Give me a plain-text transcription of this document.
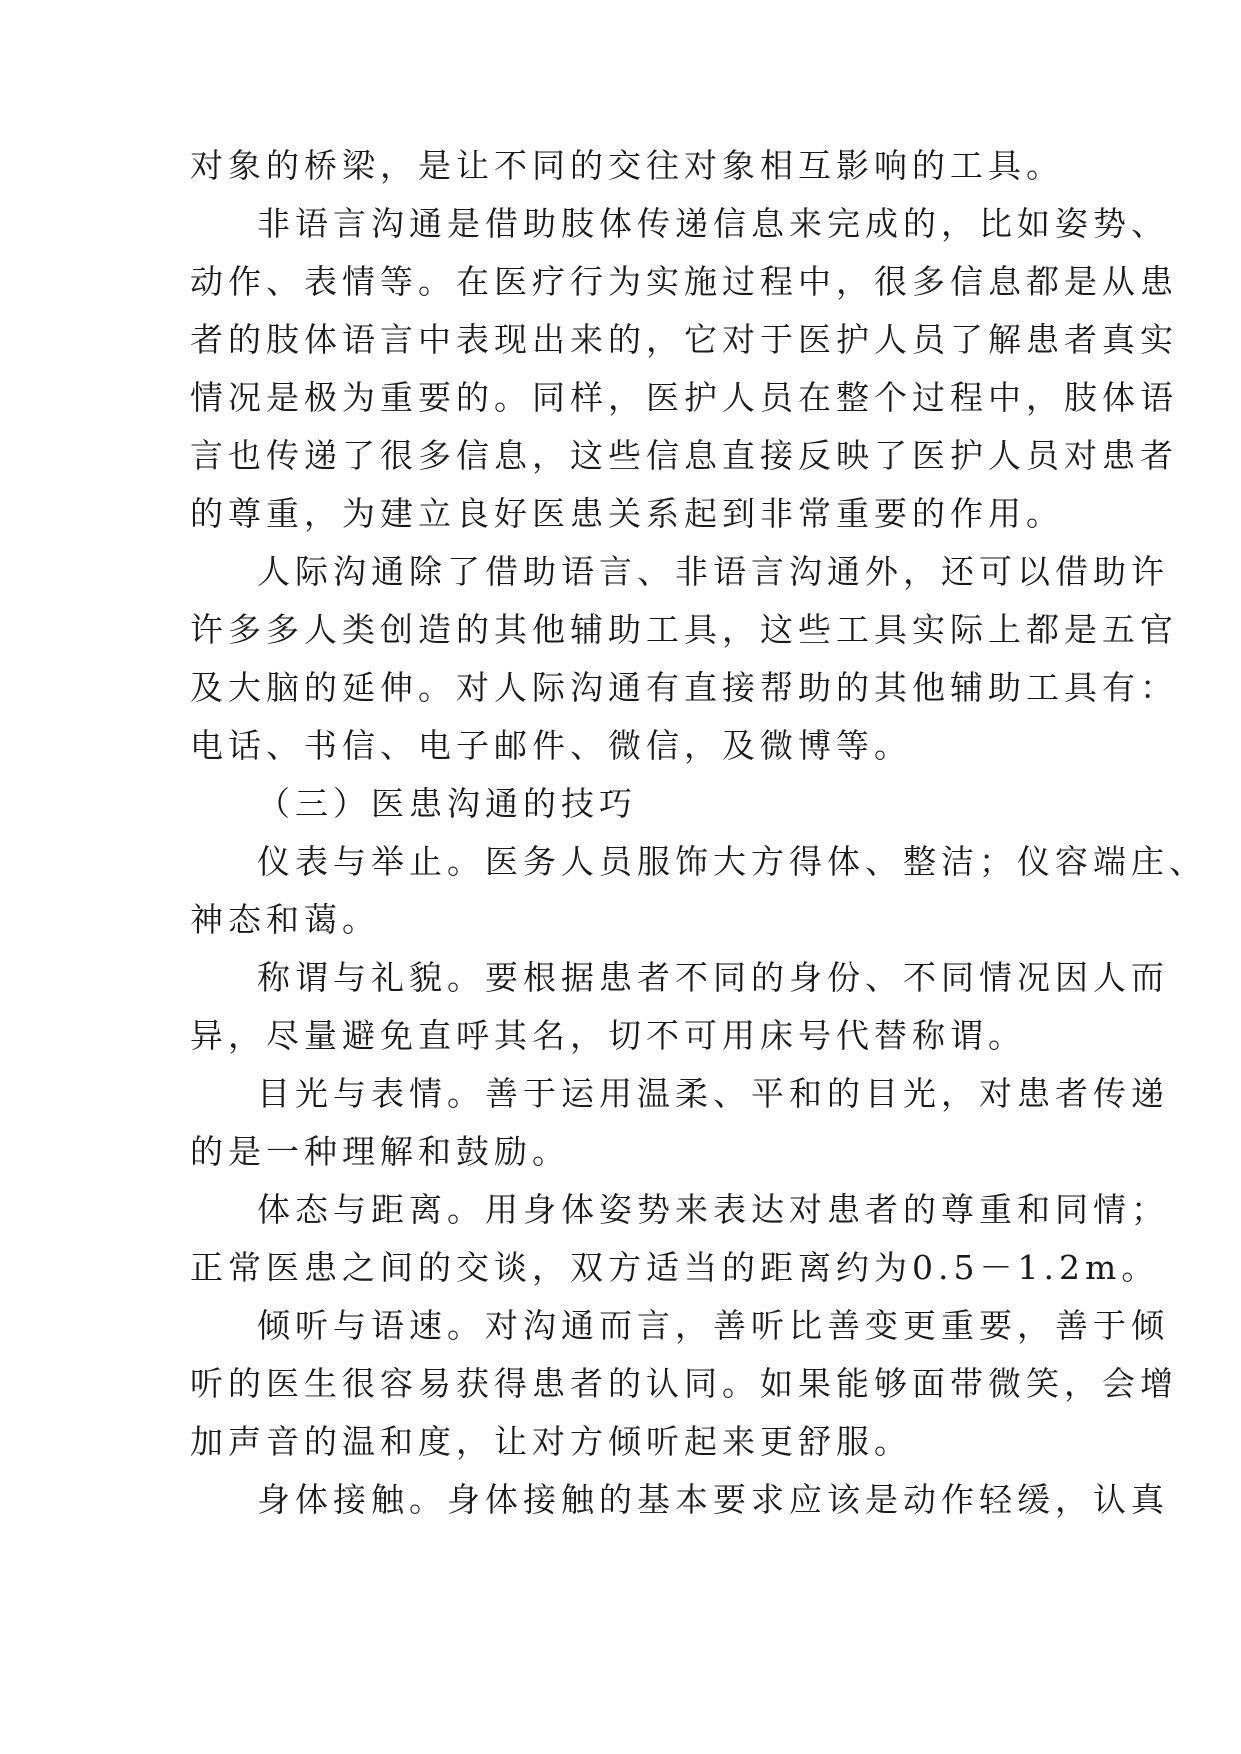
对象的桥梁，是让不同的交往对象相互影响的工具。
非语言沟通是借助肢体传递信息来完成的，比如姿势、
动作、表情等。在医疗行为实施过程中，很多信息都是从患
者的肢体语言中表现出来的，它对于医护人员了解患者真实
情况是极为重要的。同样，医护人员在整个过程中，肢体语
言也传递了很多信息，这些信息直接反映了医护人员对患者
的尊重，为建立良好医患关系起到非常重要的作用。
人际沟通除了借助语言、非语言沟通外，还可以借助许
许多多人类创造的其他辅助工具，这些工具实际上都是五官
及大脑的延伸。对人际沟通有直接帮助的其他辅助工具有：
电话、书信、电子邮件、微信，及微博等。
（三）医患沟通的技巧
仪表与举止。医务人员服饰大方得体、整洁；仪容端庄、
神态和蔼。
称谓与礼貌。要根据患者不同的身份、不同情况因人而
异，尽量避免直呼其名，切不可用床号代替称谓。
目光与表情。善于运用温柔、平和的目光，对患者传递
的是一种理解和鼓励。
体态与距离。用身体姿势来表达对患者的尊重和同情；
正常医患之间的交谈，双方适当的距离约为0.5－1.2m。
倾听与语速。对沟通而言，善听比善变更重要，善于倾
听的医生很容易获得患者的认同。如果能够面带微笑，会增
加声音的温和度，让对方倾听起来更舒服。
身体接触。身体接触的基本要求应该是动作轻缓，认真
